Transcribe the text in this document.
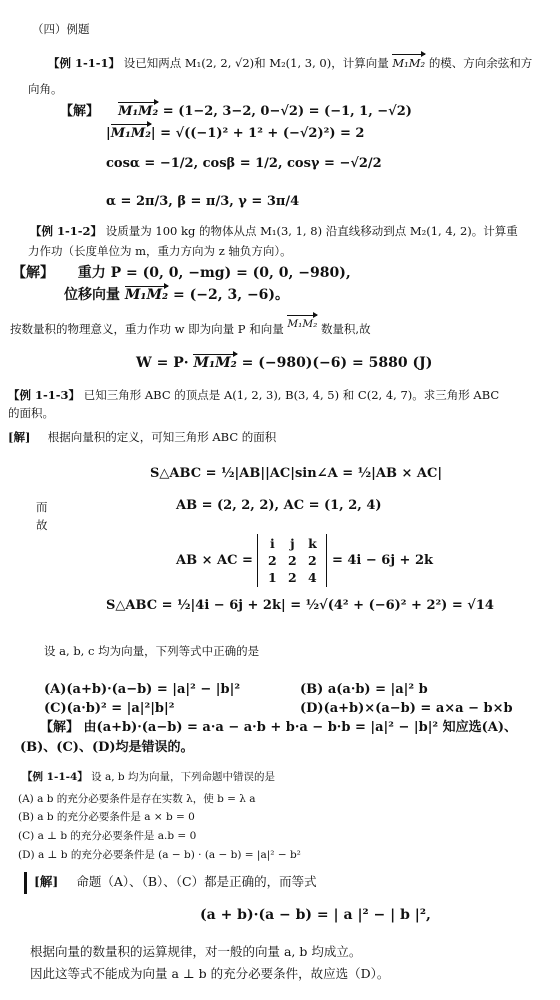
（四）例题
【例 1-1-1】 设已知两点 M₁(2, 2, √2)和 M₂(1, 3, 0)，计算向量 M₁M₂ 的模、方向余弦和方
向角。
【解】 M₁M₂ = (1−2, 3−2, 0−√2) = (−1, 1, −√2)
|M₁M₂| = √((−1)² + 1² + (−√2)²) = 2
cosα = −1/2, cosβ = 1/2, cosγ = −√2/2
α = 2π/3, β = π/3, γ = 3π/4
【例 1-1-2】 设质量为 100 kg 的物体从点 M₁(3, 1, 8) 沿直线移动到点 M₂(1, 4, 2)。计算重
力作功（长度单位为 m，重力方向为 z 轴负方向）。
【解】 重力 P = (0, 0, −mg) = (0, 0, −980),
位移向量 M₁M₂ = (−2, 3, −6)。
按数量积的物理意义，重力作功 w 即为向量 P 和向量 M₁M₂ 数量积,故
W = P· M₁M₂ = (−980)(−6) = 5880 (J)
【例 1-1-3】 已知三角形 ABC 的顶点是 A(1, 2, 3), B(3, 4, 5) 和 C(2, 4, 7)。求三角形 ABC
的面积。
[解] 根据向量积的定义，可知三角形 ABC 的面积
S△ABC = ½|AB||AC|sin∠A = ½|AB × AC|
而
故
AB = (2, 2, 2), AC = (1, 2, 4)
AB × AC =
i	j	k
2 2 2
1 2 4
= 4i − 6j + 2k
S△ABC = ½|4i − 6j + 2k| = ½√(4² + (−6)² + 2²) = √14
设 a, b, c 均为向量，下列等式中正确的是
(A)(a+b)·(a−b) = |a|² − |b|²	(B) a(a·b) = |a|² b
(C)(a·b)² = |a|²|b|²	(D)(a+b)×(a−b) = a×a − b×b
【解】 由(a+b)·(a−b) = a·a − a·b + b·a − b·b = |a|² − |b|² 知应选(A)、
(B)、(C)、(D)均是错误的。
【例 1-1-4】 设 a, b 均为向量，下列命题中错误的是
(A) a b 的充分必要条件是存在实数 λ，使 b = λ a
(B) a b 的充分必要条件是 a × b = 0
(C) a ⊥ b 的充分必要条件是 a.b = 0
(D) a ⊥ b 的充分必要条件是 (a − b) · (a − b) = |a|² − b²
[解] 命题（A）、（B）、（C）都是正确的，而等式
(a + b)·(a − b) = | a |² − | b |²,
根据向量的数量积的运算规律，对一般的向量 a, b 均成立。
因此这等式不能成为向量 a ⊥ b 的充分必要条件，故应选（D）。
